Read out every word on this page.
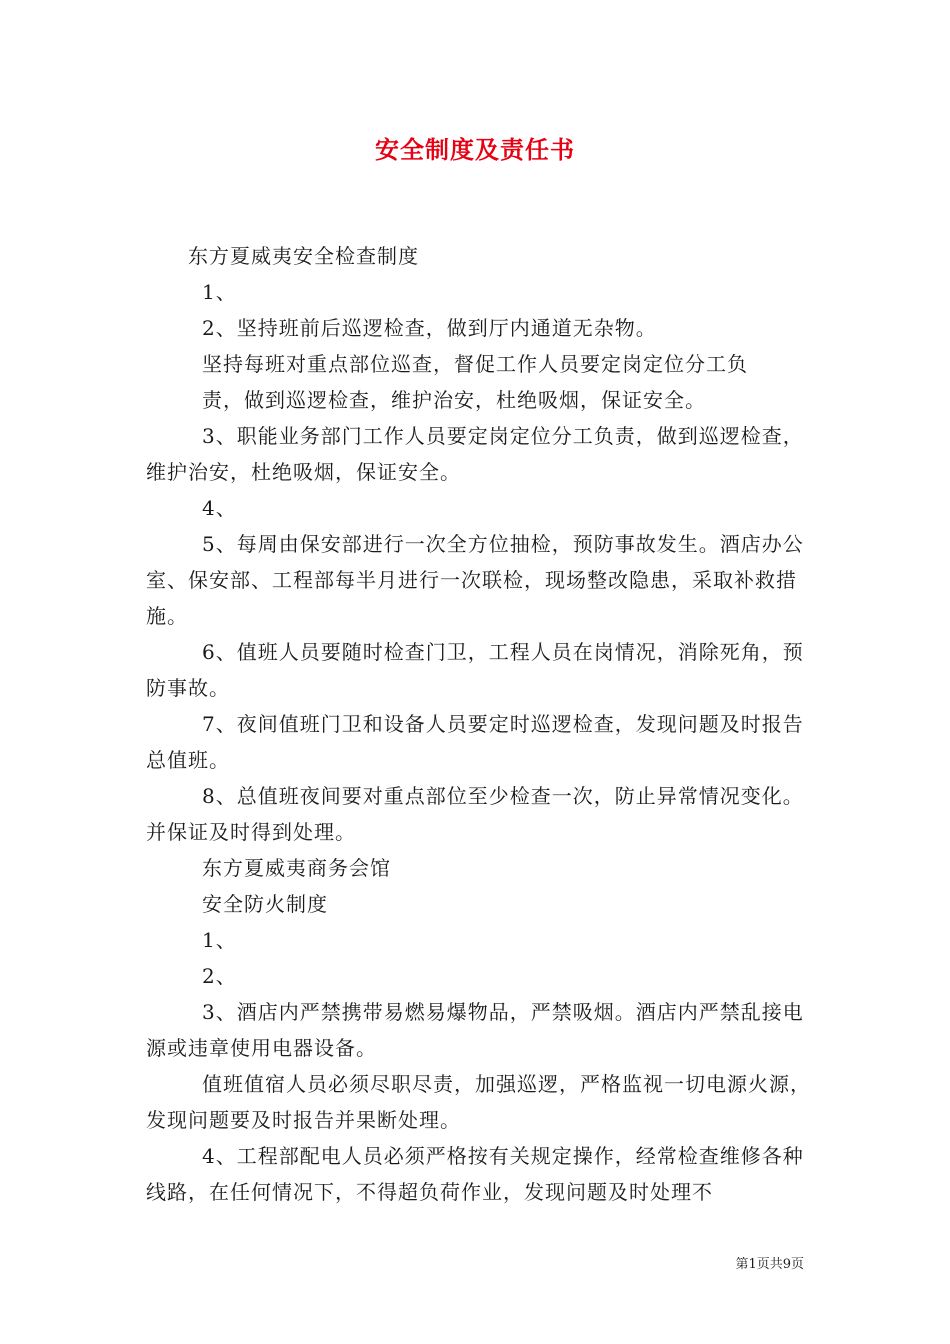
安全制度及责任书

东方夏威夷安全检查制度

1、

2、坚持班前后巡逻检查，做到厅内通道无杂物。

坚持每班对重点部位巡查，督促工作人员要定岗定位分工负

责，做到巡逻检查，维护治安，杜绝吸烟，保证安全。

3、职能业务部门工作人员要定岗定位分工负责，做到巡逻检查，维护治安，杜绝吸烟，保证安全。

4、

5、每周由保安部进行一次全方位抽检，预防事故发生。酒店办公室、保安部、工程部每半月进行一次联检，现场整改隐患，采取补救措施。

6、值班人员要随时检查门卫，工程人员在岗情况，消除死角，预防事故。

7、夜间值班门卫和设备人员要定时巡逻检查，发现问题及时报告总值班。

8、总值班夜间要对重点部位至少检查一次，防止异常情况变化。并保证及时得到处理。

东方夏威夷商务会馆

安全防火制度

1、

2、

3、酒店内严禁携带易燃易爆物品，严禁吸烟。酒店内严禁乱接电源或违章使用电器设备。

值班值宿人员必须尽职尽责，加强巡逻，严格监视一切电源火源，发现问题要及时报告并果断处理。

4、工程部配电人员必须严格按有关规定操作，经常检查维修各种线路，在任何情况下，不得超负荷作业，发现问题及时处理不

第1页共9页
